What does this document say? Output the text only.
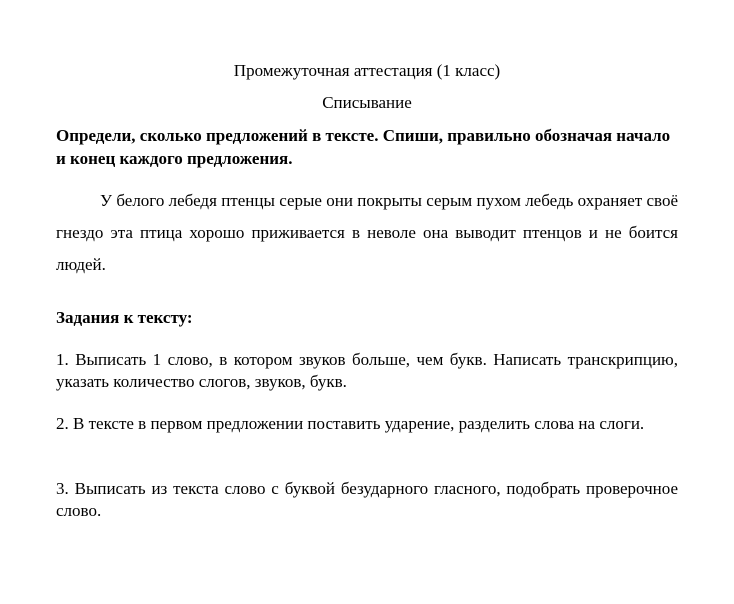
Промежуточная аттестация (1 класс)
Списывание
Определи, сколько предложений в тексте. Спиши, правильно обозначая начало и конец каждого предложения.
У белого лебедя птенцы серые они покрыты серым пухом лебедь охраняет своё гнездо эта птица хорошо приживается в неволе она выводит птенцов и не боится людей.
Задания к тексту:
1. Выписать 1 слово, в котором звуков больше, чем букв. Написать транскрипцию, указать количество слогов, звуков, букв.
2. В тексте в первом предложении поставить ударение, разделить слова на слоги.
3. Выписать из текста слово с буквой безударного гласного, подобрать проверочное слово.
